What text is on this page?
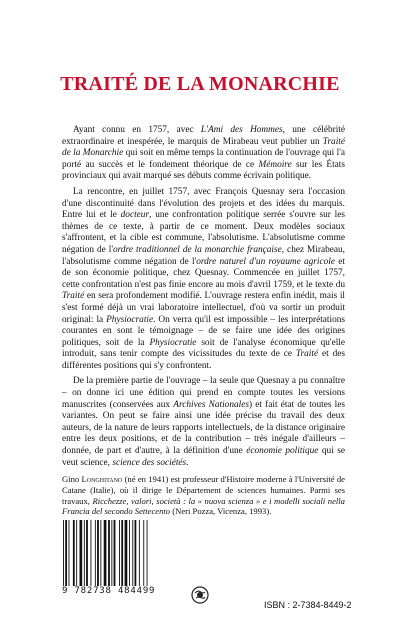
TRAITÉ DE LA MONARCHIE

Ayant connu en 1757, avec L'Ami des Hommes, une célébrité extraordinaire et inespérée, le marquis de Mirabeau veut publier un Traité de la Monarchie qui soit en même temps la continuation de l'ouvrage qui l'a porté au succès et le fondement théorique de ce Mémoire sur les États provinciaux qui avait marqué ses débuts comme écrivain politique.

La rencontre, en juillet 1757, avec François Quesnay sera l'occasion d'une discontinuité dans l'évolution des projets et des idées du marquis. Entre lui et le docteur, une confrontation politique serrée s'ouvre sur les thèmes de ce texte, à partir de ce moment. Deux modèles sociaux s'affrontent, et la cible est commune, l'absolutisme. L'absolutisme comme négation de l'ordre traditionnel de la monarchie française, chez Mirabeau, l'absolutisme comme négation de l'ordre naturel d'un royaume agricole et de son économie politique, chez Quesnay. Commencée en juillet 1757, cette confrontation n'est pas finie encore au mois d'avril 1759, et le texte du Traité en sera profondement modifié. L'ouvrage restera enfin inédit, mais il s'est formé déjà un vrai laboratoire intellectuel, d'où va sortir un produit original: la Physiocratie. On verra qu'il est impossible – les interprétations courantes en sont le témoignage – de se faire une idée des origines politiques, soit de la Physiocratie soit de l'analyse économique qu'elle introduit, sans tenir compte des vicissitudes du texte de ce Traité et des différentes positions qui s'y confrontent.

De la première partie de l'ouvrage – la seule que Quesnay a pu connaître – on donne ici une édition qui prend en compte toutes les versions manuscrites (conservées aux Archives Nationales) et fait état de toutes les variantes. On peut se faire ainsi une idée précise du travail des deux auteurs, de la nature de leurs rapports intellectuels, de la distance originaire entre les deux positions, et de la contribution – très inégale d'ailleurs – donnée, de part et d'autre, à la définition d'une économie politique qui se veut science, science des sociétés.

Gino Longhitano (né en 1941) est professeur d'Histoire moderne à l'Université de Catane (Italie), où il dirige le Département de sciences humaines. Parmi ses travaux, Ricchezze, valori, società : la « nuova scienza » e i modelli sociali nella Francia del secondo Settecento (Neri Pozza, Vicenza, 1993).

9 782738 484499
ISBN : 2-7384-8449-2
